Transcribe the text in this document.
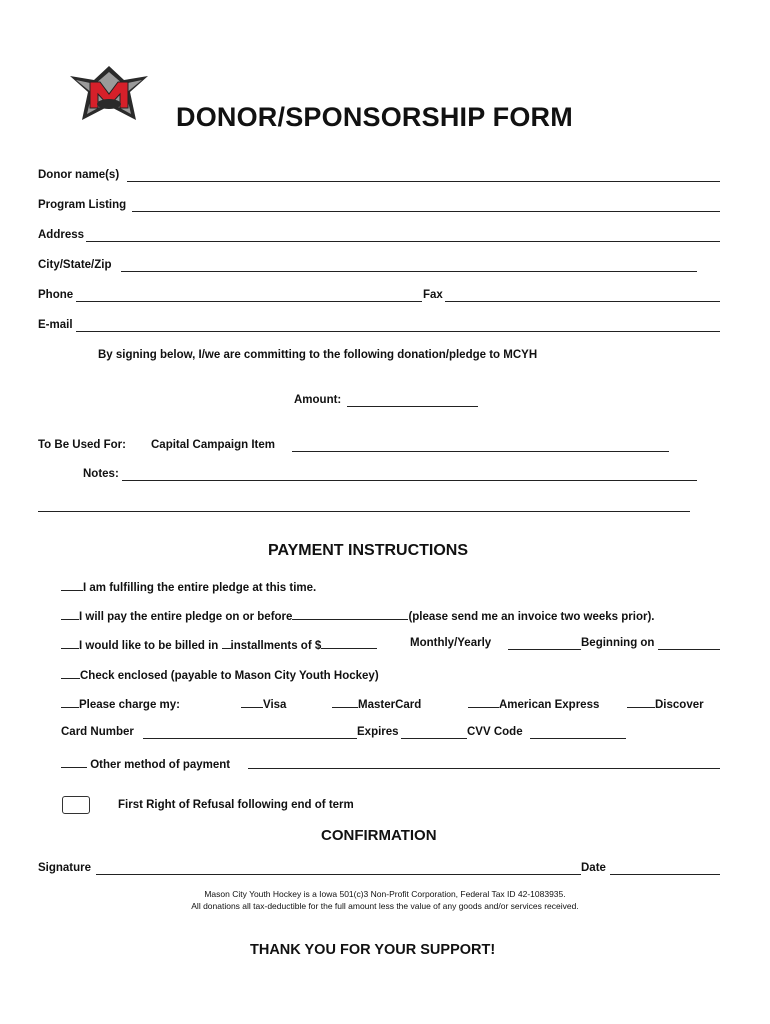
DONOR/SPONSORSHIP FORM
Donor name(s)
Program Listing
Address
City/State/Zip
Phone	Fax
E-mail
By signing below, I/we are committing to the following donation/pledge to MCYH
Amount:
To Be Used For: Capital Campaign Item
Notes:
PAYMENT INSTRUCTIONS
I am fulfilling the entire pledge at this time.
I will pay the entire pledge on or before	(please send me an invoice two weeks prior).
I would like to be billed in installments of $	Monthly/Yearly	Beginning on
Check enclosed (payable to Mason City Youth Hockey)
Please charge my:	Visa	MasterCard	American Express	Discover
Card Number	Expires	CVV Code
Other method of payment
First Right of Refusal following end of term
CONFIRMATION
Signature	Date
Mason City Youth Hockey is a Iowa 501(c)3 Non-Profit Corporation, Federal Tax ID 42-1083935.
All donations all tax-deductible for the full amount less the value of any goods and/or services received.
THANK YOU FOR YOUR SUPPORT!
